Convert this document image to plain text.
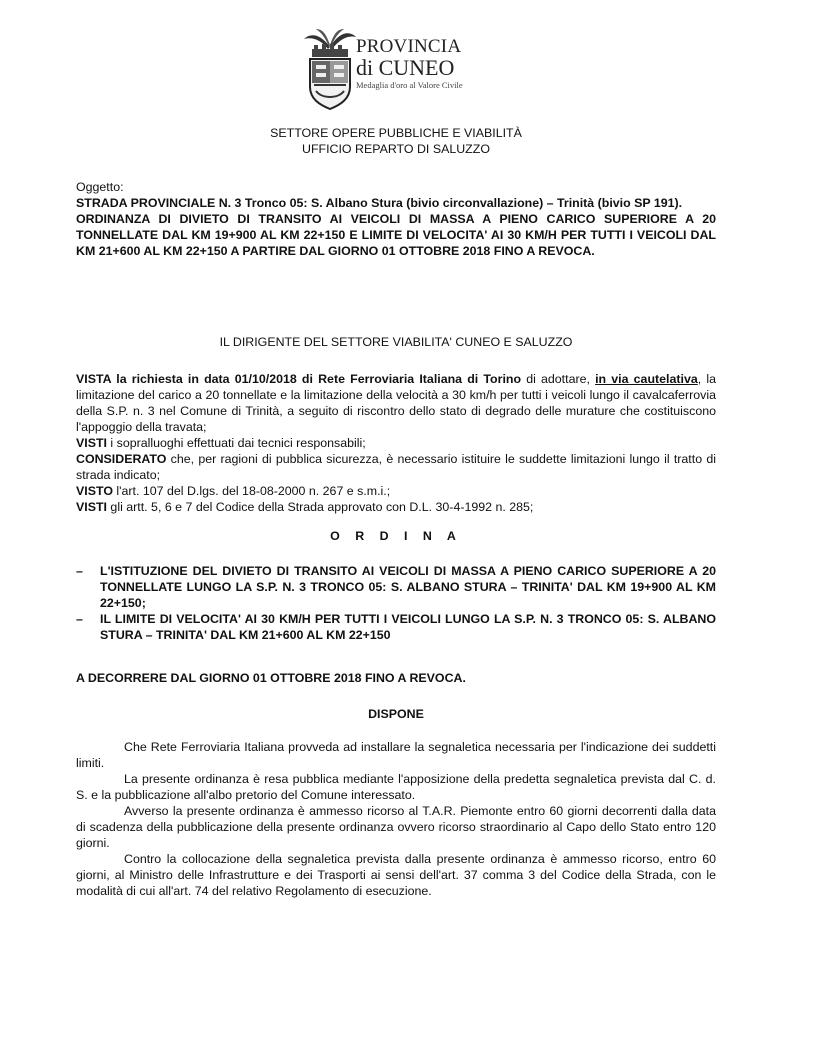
PROVINCIA
di CUNEO
Medaglia d'oro al Valore Civile

SETTORE OPERE PUBBLICHE E VIABILITÀ

UFFICIO REPARTO DI SALUZZO

Oggetto:

STRADA PROVINCIALE N. 3 Tronco 05: S. Albano Stura (bivio circonvallazione) – Trinità (bivio SP 191).

ORDINANZA DI DIVIETO DI TRANSITO AI VEICOLI DI MASSA A PIENO CARICO SUPERIORE A 20 TONNELLATE DAL KM 19+900 AL KM 22+150 E LIMITE DI VELOCITA' AI 30 KM/H PER TUTTI I VEICOLI DAL KM 21+600 AL KM 22+150 A PARTIRE DAL GIORNO 01 OTTOBRE 2018 FINO A REVOCA.

IL DIRIGENTE DEL SETTORE VIABILITA' CUNEO E SALUZZO

VISTA la richiesta in data 01/10/2018 di Rete Ferroviaria Italiana di Torino di adottare, in via cautelativa, la limitazione del carico a 20 tonnellate e la limitazione della velocità a 30 km/h per tutti i veicoli lungo il cavalcaferrovia della S.P. n. 3 nel Comune di Trinità, a seguito di riscontro dello stato di degrado delle murature che costituiscono l'appoggio della travata;

VISTI i sopralluoghi effettuati dai tecnici responsabili;

CONSIDERATO che, per ragioni di pubblica sicurezza, è necessario istituire le suddette limitazioni lungo il tratto di strada indicato;

VISTO l'art. 107 del D.lgs. del 18-08-2000 n. 267 e s.m.i.;

VISTI gli artt. 5, 6 e 7 del Codice della Strada approvato con D.L. 30-4-1992 n. 285;

O R D I N A
– L'ISTITUZIONE DEL DIVIETO DI TRANSITO AI VEICOLI DI MASSA A PIENO CARICO SUPERIORE A 20 TONNELLATE LUNGO LA S.P. N. 3 TRONCO 05: S. ALBANO STURA – TRINITA' DAL KM 19+900 AL KM 22+150;

– IL LIMITE DI VELOCITA' AI 30 KM/H PER TUTTI I VEICOLI LUNGO LA S.P. N. 3 TRONCO 05: S. ALBANO STURA – TRINITA' DAL KM 21+600 AL KM 22+150

A DECORRERE DAL GIORNO 01 OTTOBRE 2018 FINO A REVOCA.
DISPONE

Che Rete Ferroviaria Italiana provveda ad installare la segnaletica necessaria per l'indicazione dei suddetti limiti.

La presente ordinanza è resa pubblica mediante l'apposizione della predetta segnaletica prevista dal C. d. S. e la pubblicazione all'albo pretorio del Comune interessato.

Avverso la presente ordinanza è ammesso ricorso al T.A.R. Piemonte entro 60 giorni decorrenti dalla data di scadenza della pubblicazione della presente ordinanza ovvero ricorso straordinario al Capo dello Stato entro 120 giorni.

Contro la collocazione della segnaletica prevista dalla presente ordinanza è ammesso ricorso, entro 60 giorni, al Ministro delle Infrastrutture e dei Trasporti ai sensi dell'art. 37 comma 3 del Codice della Strada, con le modalità di cui all'art. 74 del relativo Regolamento di esecuzione.
